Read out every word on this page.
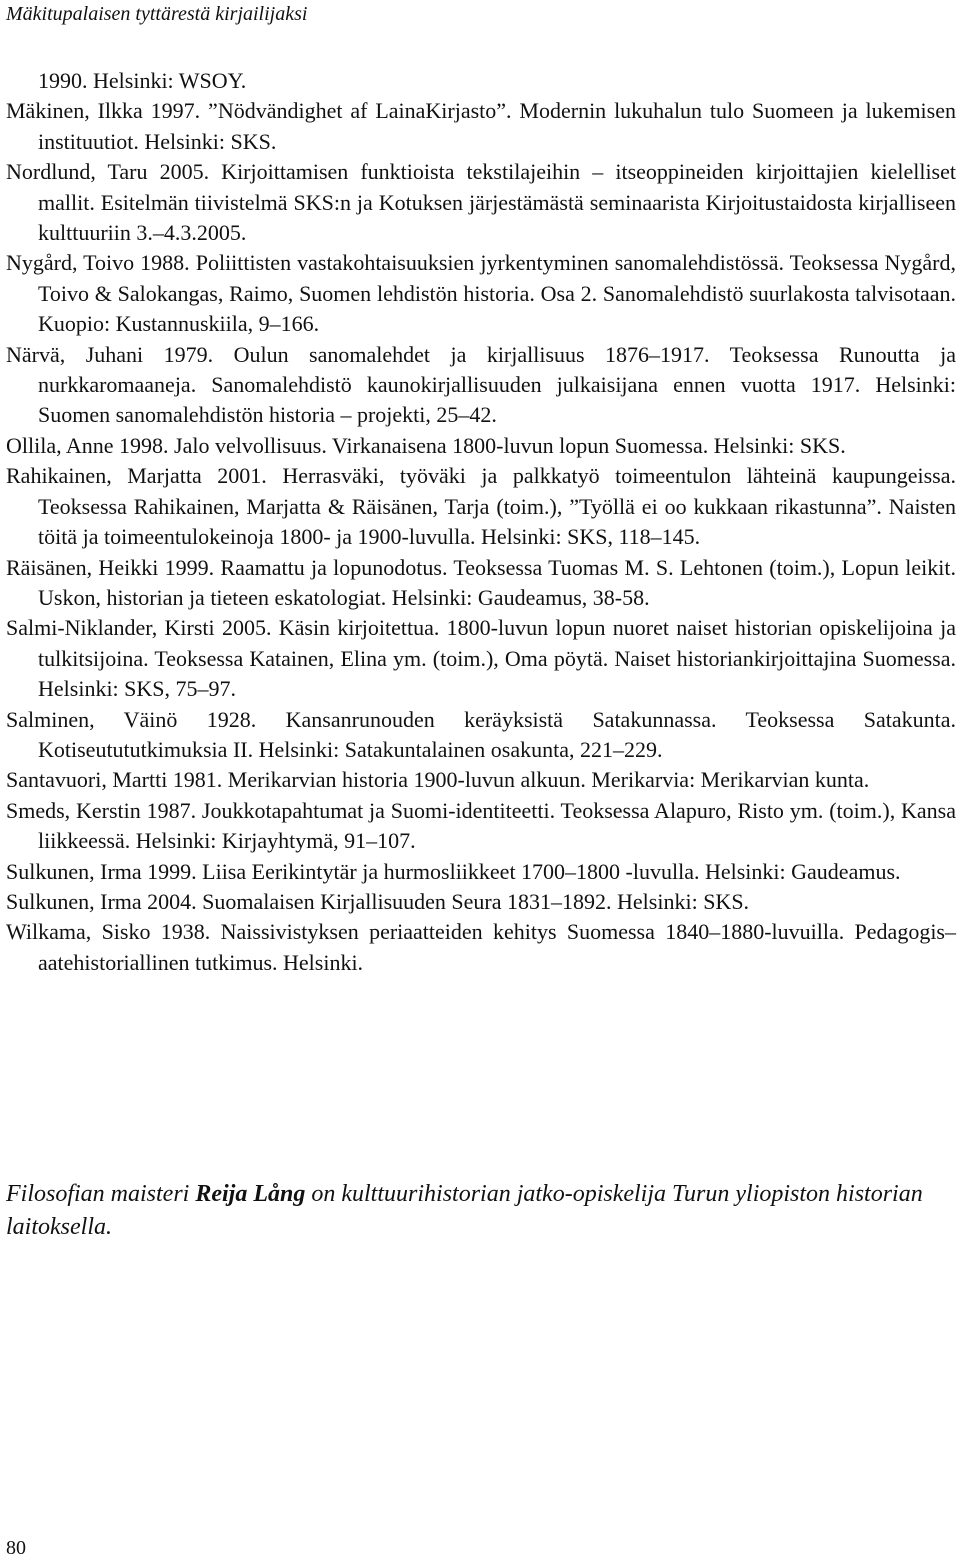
Mäkitupalaisen tyttärestä kirjailijaksi

1990. Helsinki: WSOY.

Mäkinen, Ilkka 1997. ”Nödvändighet af LainaKirjasto”. Modernin lukuhalun tulo Suomeen ja lukemisen instituutiot. Helsinki: SKS.

Nordlund, Taru 2005. Kirjoittamisen funktioista tekstilajeihin – itseoppineiden kirjoittajien kielelliset mallit. Esitelmän tiivistelmä SKS:n ja Kotuksen järjestämästä seminaarista Kirjoitustaidosta kirjalliseen kulttuuriin 3.–4.3.2005.

Nygård, Toivo 1988. Poliittisten vastakohtaisuuksien jyrkentyminen sanomalehdistössä. Teoksessa Nygård, Toivo & Salokangas, Raimo, Suomen lehdistön historia. Osa 2. Sanomalehdistö suurlakosta talvisotaan. Kuopio: Kustannuskiila, 9–166.

Närvä, Juhani 1979. Oulun sanomalehdet ja kirjallisuus 1876–1917. Teoksessa Runoutta ja nurkkaromaaneja. Sanomalehdistö kaunokirjallisuuden julkaisijana ennen vuotta 1917. Helsinki: Suomen sanomalehdistön historia – projekti, 25–42.

Ollila, Anne 1998. Jalo velvollisuus. Virkanaisena 1800-luvun lopun Suomessa. Helsinki: SKS.

Rahikainen, Marjatta 2001. Herrasväki, työväki ja palkkatyö toimeentulon lähteinä kaupungeissa. Teoksessa Rahikainen, Marjatta & Räisänen, Tarja (toim.), ”Työllä ei oo kukkaan rikastunna”. Naisten töitä ja toimeentulokeinoja 1800- ja 1900-luvulla. Helsinki: SKS, 118–145.

Räisänen, Heikki 1999. Raamattu ja lopunodotus. Teoksessa Tuomas M. S. Lehtonen (toim.), Lopun leikit. Uskon, historian ja tieteen eskatologiat. Helsinki: Gaudeamus, 38-58.

Salmi-Niklander, Kirsti 2005. Käsin kirjoitettua. 1800-luvun lopun nuoret naiset historian opiskelijoina ja tulkitsijoina. Teoksessa Katainen, Elina ym. (toim.), Oma pöytä. Naiset historiankirjoittajina Suomessa. Helsinki: SKS, 75–97.

Salminen, Väinö 1928. Kansanrunouden keräyksistä Satakunnassa. Teoksessa Satakunta. Kotiseutututkimuksia II. Helsinki: Satakuntalainen osakunta, 221–229.

Santavuori, Martti 1981. Merikarvian historia 1900-luvun alkuun. Merikarvia: Merikarvian kunta.

Smeds, Kerstin 1987. Joukkotapahtumat ja Suomi-identiteetti. Teoksessa Alapuro, Risto ym. (toim.), Kansa liikkeessä. Helsinki: Kirjayhtymä, 91–107.

Sulkunen, Irma 1999. Liisa Eerikintytär ja hurmosliikkeet 1700–1800 -luvulla. Helsinki: Gaudeamus.

Sulkunen, Irma 2004. Suomalaisen Kirjallisuuden Seura 1831–1892. Helsinki: SKS.

Wilkama, Sisko 1938. Naissivistyksen periaatteiden kehitys Suomessa 1840–1880-luvuilla. Pedagogis–aatehistoriallinen tutkimus. Helsinki.

Filosofian maisteri Reija Lång on kulttuurihistorian jatko-opiskelija Turun yliopiston historian laitoksella.
80
